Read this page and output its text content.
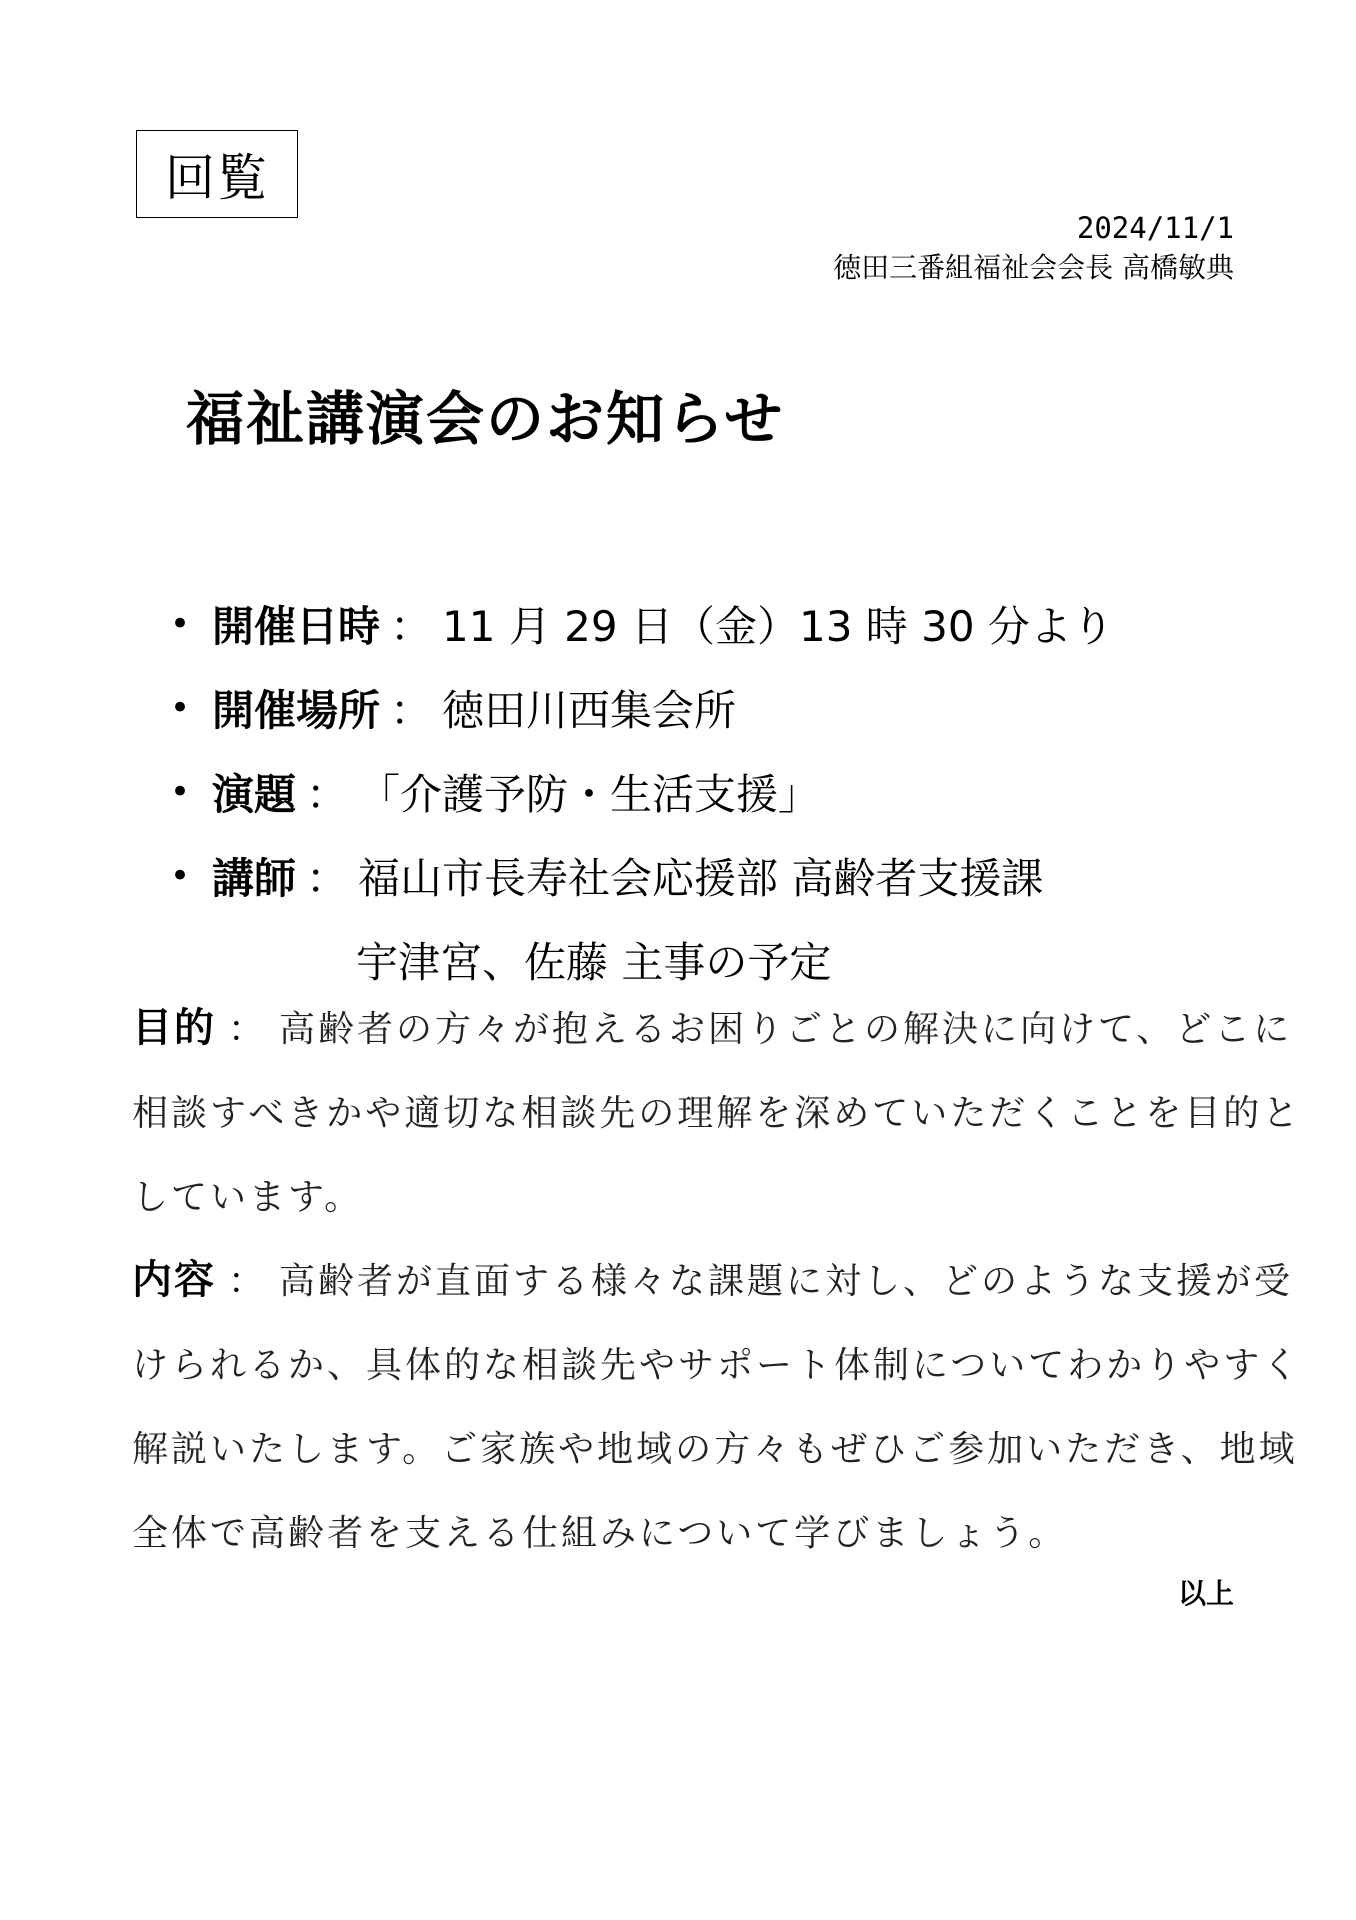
回覧
2024/11/1
徳田三番組福祉会会長 高橋敏典
福祉講演会のお知らせ
• 開催日時 ： 11 月 29 日（金）13 時 30 分より
• 開催場所 ： 徳田川西集会所
• 演題 ： 「介護予防・生活支援」
• 講師 ： 福山市長寿社会応援部 高齢者支援課
宇津宮、佐藤 主事の予定
目的 ： 高齢者の方々が抱えるお困りごとの解決に向けて、どこに
相談すべきかや適切な相談先の理解を深めていただくことを目的と
しています。
内容 ： 高齢者が直面する様々な課題に対し、どのような支援が受
けられるか、具体的な相談先やサポート体制についてわかりやすく
解説いたします。ご家族や地域の方々もぜひご参加いただき、地域
全体で高齢者を支える仕組みについて学びましょう。
以上
